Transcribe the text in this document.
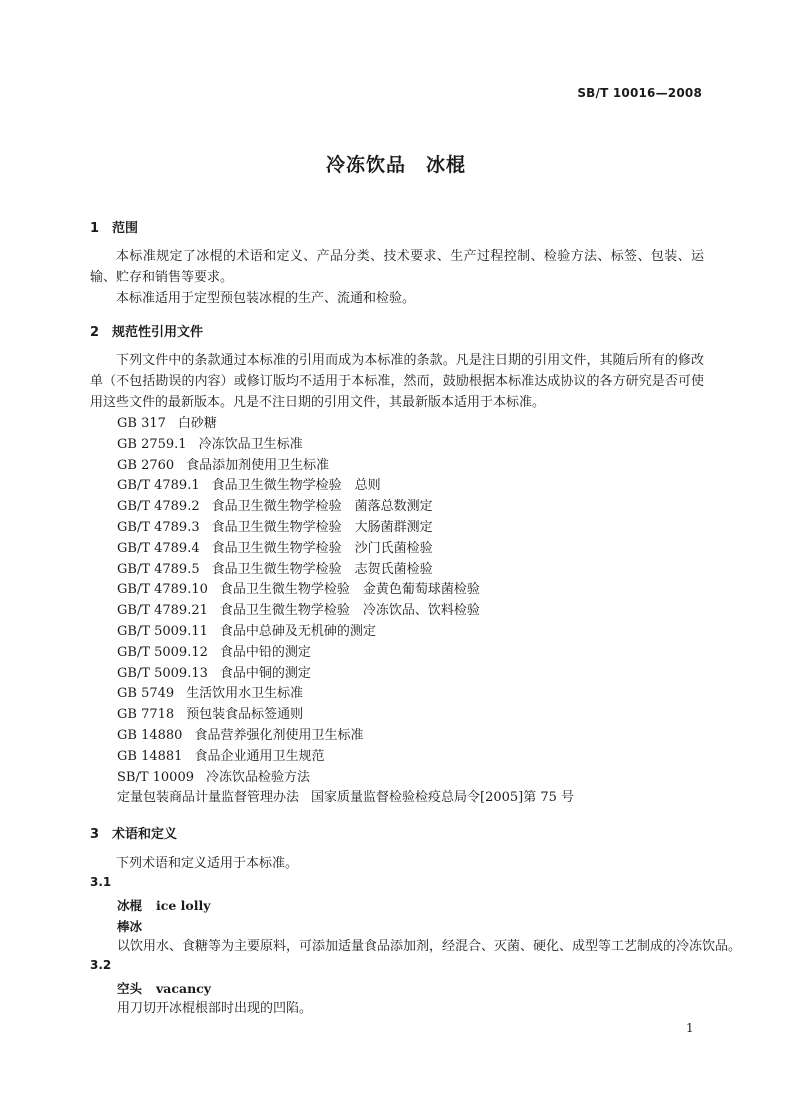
SB/T 10016—2008
冷冻饮品　冰棍
1 范围
本标准规定了冰棍的术语和定义、产品分类、技术要求、生产过程控制、检验方法、标签、包装、运输、贮存和销售等要求。
本标准适用于定型预包装冰棍的生产、流通和检验。
2 规范性引用文件
下列文件中的条款通过本标准的引用而成为本标准的条款。凡是注日期的引用文件，其随后所有的修改单（不包括勘误的内容）或修订版均不适用于本标准，然而，鼓励根据本标准达成协议的各方研究是否可使用这些文件的最新版本。凡是不注日期的引用文件，其最新版本适用于本标准。
GB 317 白砂糖
GB 2759.1 冷冻饮品卫生标准
GB 2760 食品添加剂使用卫生标准
GB/T 4789.1 食品卫生微生物学检验　总则
GB/T 4789.2 食品卫生微生物学检验　菌落总数测定
GB/T 4789.3 食品卫生微生物学检验　大肠菌群测定
GB/T 4789.4 食品卫生微生物学检验　沙门氏菌检验
GB/T 4789.5 食品卫生微生物学检验　志贺氏菌检验
GB/T 4789.10 食品卫生微生物学检验　金黄色葡萄球菌检验
GB/T 4789.21 食品卫生微生物学检验　冷冻饮品、饮料检验
GB/T 5009.11 食品中总砷及无机砷的测定
GB/T 5009.12 食品中铅的测定
GB/T 5009.13 食品中铜的测定
GB 5749 生活饮用水卫生标准
GB 7718 预包装食品标签通则
GB 14880 食品营养强化剂使用卫生标准
GB 14881 食品企业通用卫生规范
SB/T 10009 冷冻饮品检验方法
定量包装商品计量监督管理办法 国家质量监督检验检疫总局令[2005]第 75 号
3 术语和定义
下列术语和定义适用于本标准。
3.1
冰棍 ice lolly
棒冰
以饮用水、食糖等为主要原料，可添加适量食品添加剂，经混合、灭菌、硬化、成型等工艺制成的冷冻饮品。
3.2
空头 vacancy
用刀切开冰棍根部时出现的凹陷。
1
